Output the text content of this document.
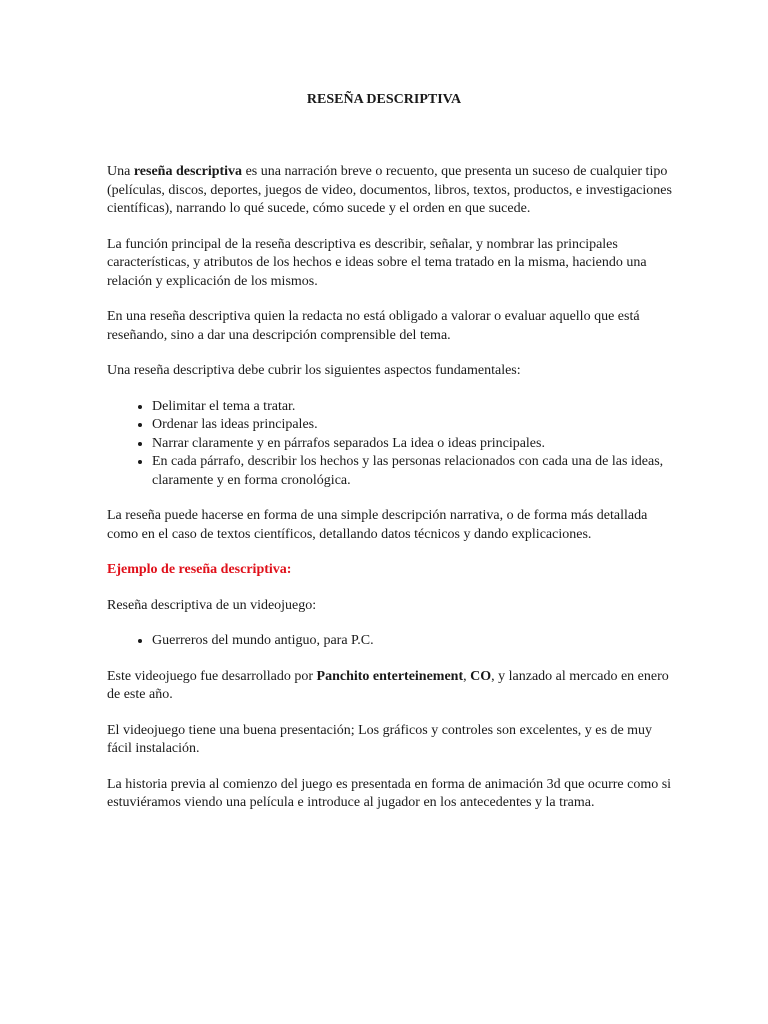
RESEÑA DESCRIPTIVA

Una reseña descriptiva es una narración breve o recuento, que presenta un suceso de cualquier tipo (películas, discos, deportes, juegos de video, documentos, libros, textos, productos, e investigaciones científicas), narrando lo qué sucede, cómo sucede y el orden en que sucede.

La función principal de la reseña descriptiva es describir, señalar, y nombrar las principales características, y atributos de los hechos e ideas sobre el tema tratado en la misma, haciendo una relación y explicación de los mismos.

En una reseña descriptiva quien la redacta no está obligado a valorar o evaluar aquello que está reseñando, sino a dar una descripción comprensible del tema.

Una reseña descriptiva debe cubrir los siguientes aspectos fundamentales:

• Delimitar el tema a tratar.
• Ordenar las ideas principales.
• Narrar claramente y en párrafos separados La idea o ideas principales.
• En cada párrafo, describir los hechos y las personas relacionados con cada una de las ideas, claramente y en forma cronológica.

La reseña puede hacerse en forma de una simple descripción narrativa, o de forma más detallada como en el caso de textos científicos, detallando datos técnicos y dando explicaciones.

Ejemplo de reseña descriptiva:

Reseña descriptiva de un videojuego:

• Guerreros del mundo antiguo, para P.C.

Este videojuego fue desarrollado por Panchito enterteinement, CO, y lanzado al mercado en enero de este año.

El videojuego tiene una buena presentación; Los gráficos y controles son excelentes, y es de muy fácil instalación.

La historia previa al comienzo del juego es presentada en forma de animación 3d que ocurre como si estuviéramos viendo una película e introduce al jugador en los antecedentes y la trama.
